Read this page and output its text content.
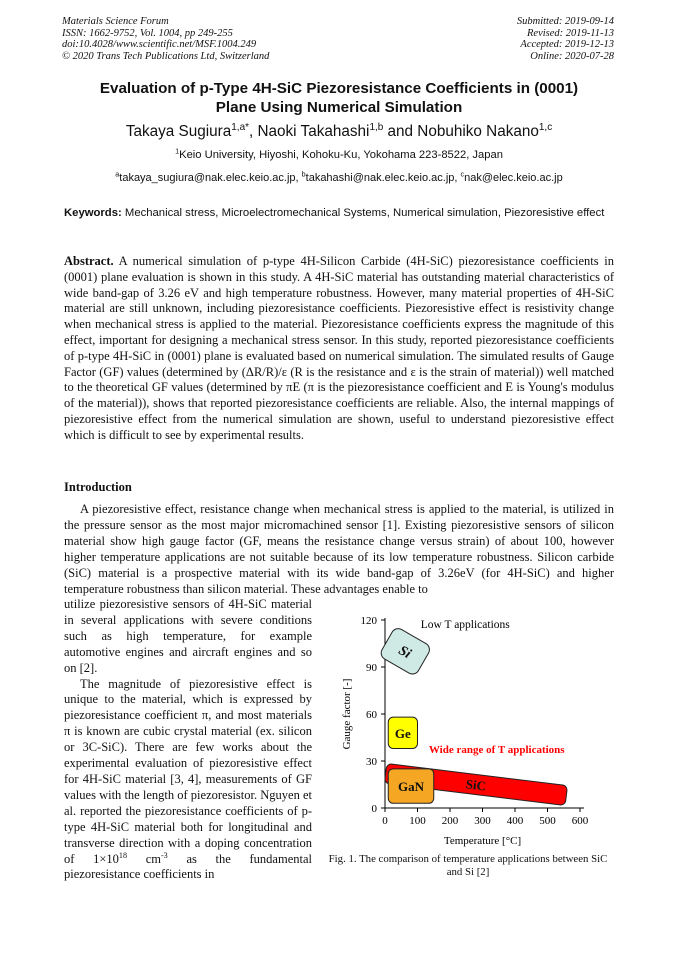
Materials Science Forum
ISSN: 1662-9752, Vol. 1004, pp 249-255
doi:10.4028/www.scientific.net/MSF.1004.249
© 2020 Trans Tech Publications Ltd, Switzerland
Submitted: 2019-09-14
Revised: 2019-11-13
Accepted: 2019-12-13
Online: 2020-07-28
Evaluation of p-Type 4H-SiC Piezoresistance Coefficients in (0001)
Plane Using Numerical Simulation
Takaya Sugiura$^{1,a*}$, Naoki Takahashi$^{1,b}$ and Nobuhiko Nakano$^{1,c}$
$^1$Keio University, Hiyoshi, Kohoku-Ku, Yokohama 223-8522, Japan
$^a$takaya_sugiura@nak.elec.keio.ac.jp, $^b$takahashi@nak.elec.keio.ac.jp, $^c$nak@elec.keio.ac.jp
Keywords: Mechanical stress, Microelectromechanical Systems, Numerical simulation, Piezoresistive effect
Abstract. A numerical simulation of p-type 4H-Silicon Carbide (4H-SiC) piezoresistance coefficients in (0001) plane evaluation is shown in this study. A 4H-SiC material has outstanding material characteristics of wide band-gap of 3.26 eV and high temperature robustness. However, many material properties of 4H-SiC material are still unknown, including piezoresistance coefficients. Piezoresistive effect is resistivity change when mechanical stress is applied to the material. Piezoresistance coefficients express the magnitude of this effect, important for designing a mechanical stress sensor. In this study, reported piezoresistance coefficients of p-type 4H-SiC in (0001) plane is evaluated based on numerical simulation. The simulated results of Gauge Factor (GF) values (determined by (ΔR/R)/ε (R is the resistance and ε is the strain of material)) well matched to the theoretical GF values (determined by πE (π is the piezoresistance coefficient and E is Young's modulus of the material)), shows that reported piezoresistance coefficients are reliable. Also, the internal mappings of piezoresistive effect from the numerical simulation are shown, useful to understand piezoresistive effect which is difficult to see by experimental results.
Introduction
A piezoresistive effect, resistance change when mechanical stress is applied to the material, is utilized in the pressure sensor as the most major micromachined sensor [1]. Existing piezoresistive sensors of silicon material show high gauge factor (GF, means the resistance change versus strain) of about 100, however higher temperature applications are not suitable because of its low temperature robustness. Silicon carbide (SiC) material is a prospective material with its wide band-gap of 3.26eV (for 4H-SiC) and higher temperature robustness than silicon material. These advantages enable to

utilize piezoresistive sensors of 4H-SiC material in several applications with severe conditions such as high temperature, for example automotive engines and aircraft engines and so on [2].

The magnitude of piezoresistive effect is unique to the material, which is expressed by piezoresistance coefficient π, and most materials π is known are cubic crystal material (ex. silicon or 3C-SiC). There are few works about the experimental evaluation of piezoresistive effect for 4H-SiC material [3, 4], measurements of GF values with the length of piezoresistor. Nguyen et al. reported the piezoresistance coefficients of p-type 4H-SiC material both for longitudinal and transverse direction with a doping concentration of $1\times 10^{18}$ $cm^{-3}$ as the fundamental piezoresistance coefficients in

0
30
60
90
120
0 100 200 300 400 500 600
SiC
Si
Ge
GaN
Low T applications
Wide range of T applications
Temperature [°C]
Gauge factor [-]
Fig. 1. The comparison of temperature applications between SiC and Si [2]
